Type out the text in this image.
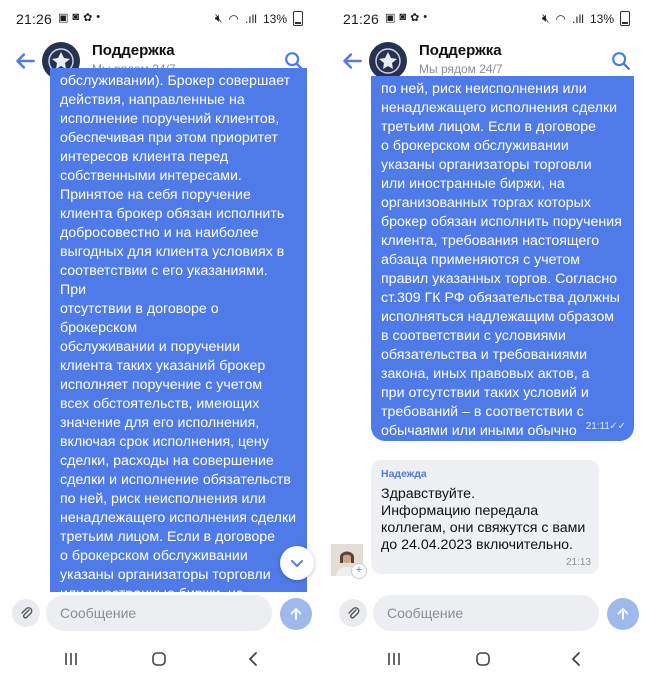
21:26 ▣ ◙ ✿ •	🔇︎ ◠ .ıll 13%
Поддержка

обслуживании). Брокер совершает
действия, направленные на
исполнение поручений клиентов,
обеспечивая при этом приоритет
интересов клиента перед
собственными интересами.
Принятое на себя поручение
клиента брокер обязан исполнить
добросовестно и на наиболее
выгодных для клиента условиях в
соответствии с его указаниями. При
отсутствии в договоре о брокерском
обслуживании и поручении
клиента таких указаний брокер
исполняет поручение с учетом
всех обстоятельств, имеющих
значение для его исполнения,
включая срок исполнения, цену
сделки, расходы на совершение
сделки и исполнение обязательств
по ней, риск неисполнения или
ненадлежащего исполнения сделки
третьим лицом. Если в договоре
о брокерском обслуживании
указаны организаторы торговли

Сообщение
21:26 ▣ ◙ ✿ •	🔇︎ ◠ .ıll 13%
Поддержка
Мы рядом 24/7

по ней, риск неисполнения или
ненадлежащего исполнения сделки
третьим лицом. Если в договоре
о брокерском обслуживании
указаны организаторы торговли
или иностранные биржи, на
организованных торгах которых
брокер обязан исполнить поручения
клиента, требования настоящего
абзаца применяются с учетом
правил указанных торгов. Согласно
ст.309 ГК РФ обязательства должны
исполняться надлежащим образом
в соответствии с условиями
обязательства и требованиями
закона, иных правовых актов, а
при отсутствии таких условий и
требований – в соответствии с
обычаями или иными обычно
предъявляемыми требованиями.

21:11 ✓✓
Надежда
Здравствуйте.
Информацию передала
коллегам, они свяжутся с вами
до 24.04.2023 включительно.
21:13
+
Сообщение
